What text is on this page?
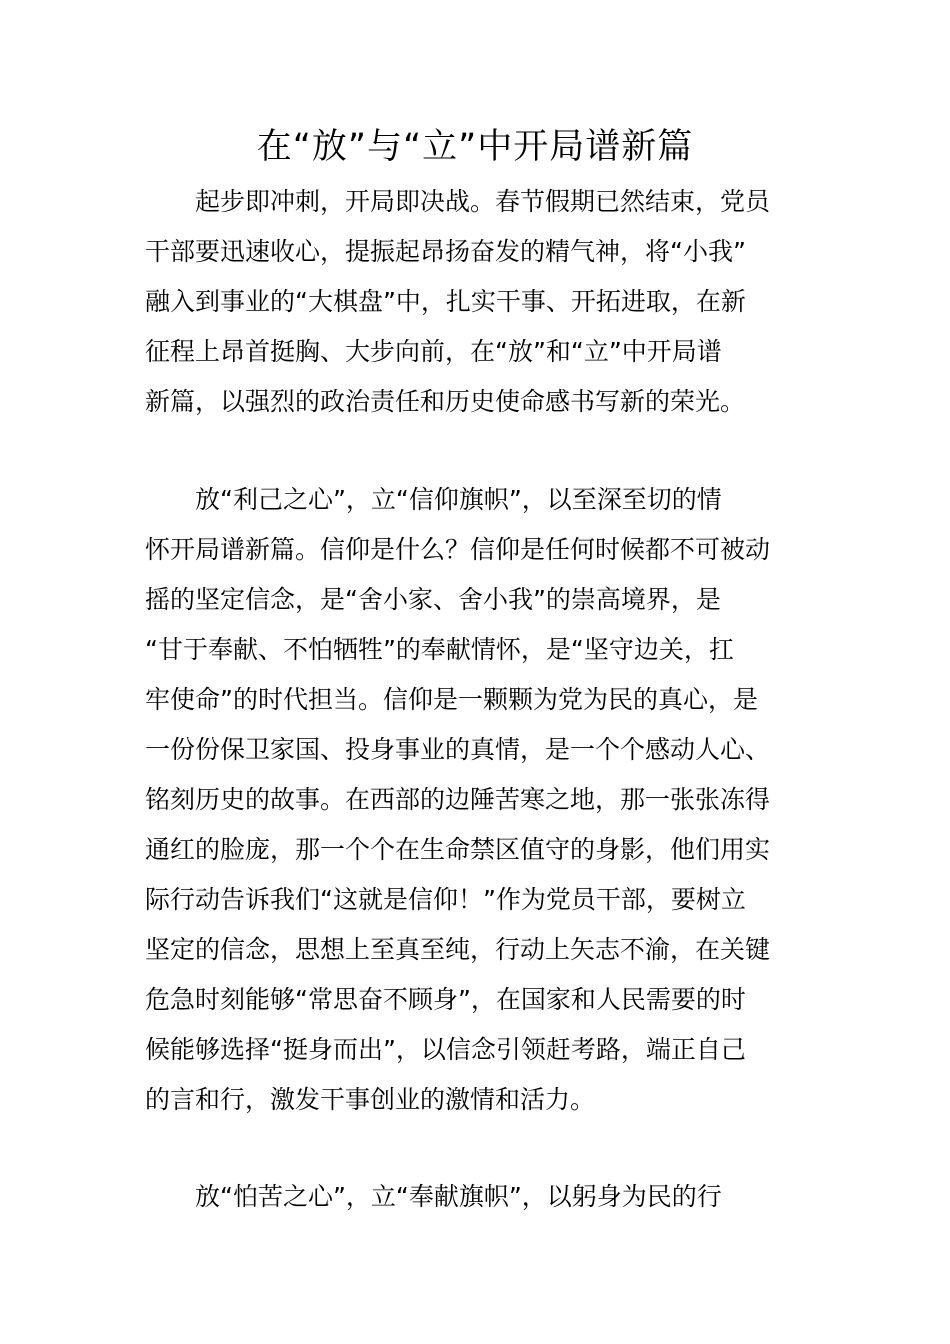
在“放”与“立”中开局谱新篇
起步即冲刺，开局即决战。春节假期已然结束，党员
干部要迅速收心，提振起昂扬奋发的精气神，将“小我”
融入到事业的“大棋盘”中，扎实干事、开拓进取，在新
征程上昂首挺胸、大步向前，在“放”和“立”中开局谱
新篇，以强烈的政治责任和历史使命感书写新的荣光。
放“利己之心”，立“信仰旗帜”，以至深至切的情
怀开局谱新篇。信仰是什么？信仰是任何时候都不可被动
摇的坚定信念，是“舍小家、舍小我”的崇高境界，是
“甘于奉献、不怕牺牲”的奉献情怀，是“坚守边关，扛
牢使命”的时代担当。信仰是一颗颗为党为民的真心，是
一份份保卫家国、投身事业的真情，是一个个感动人心、
铭刻历史的故事。在西部的边陲苦寒之地，那一张张冻得
通红的脸庞，那一个个在生命禁区值守的身影，他们用实
际行动告诉我们“这就是信仰！”作为党员干部，要树立
坚定的信念，思想上至真至纯，行动上矢志不渝，在关键
危急时刻能够“常思奋不顾身”，在国家和人民需要的时
候能够选择“挺身而出”，以信念引领赶考路，端正自己
的言和行，激发干事创业的激情和活力。
放“怕苦之心”，立“奉献旗帜”，以躬身为民的行
